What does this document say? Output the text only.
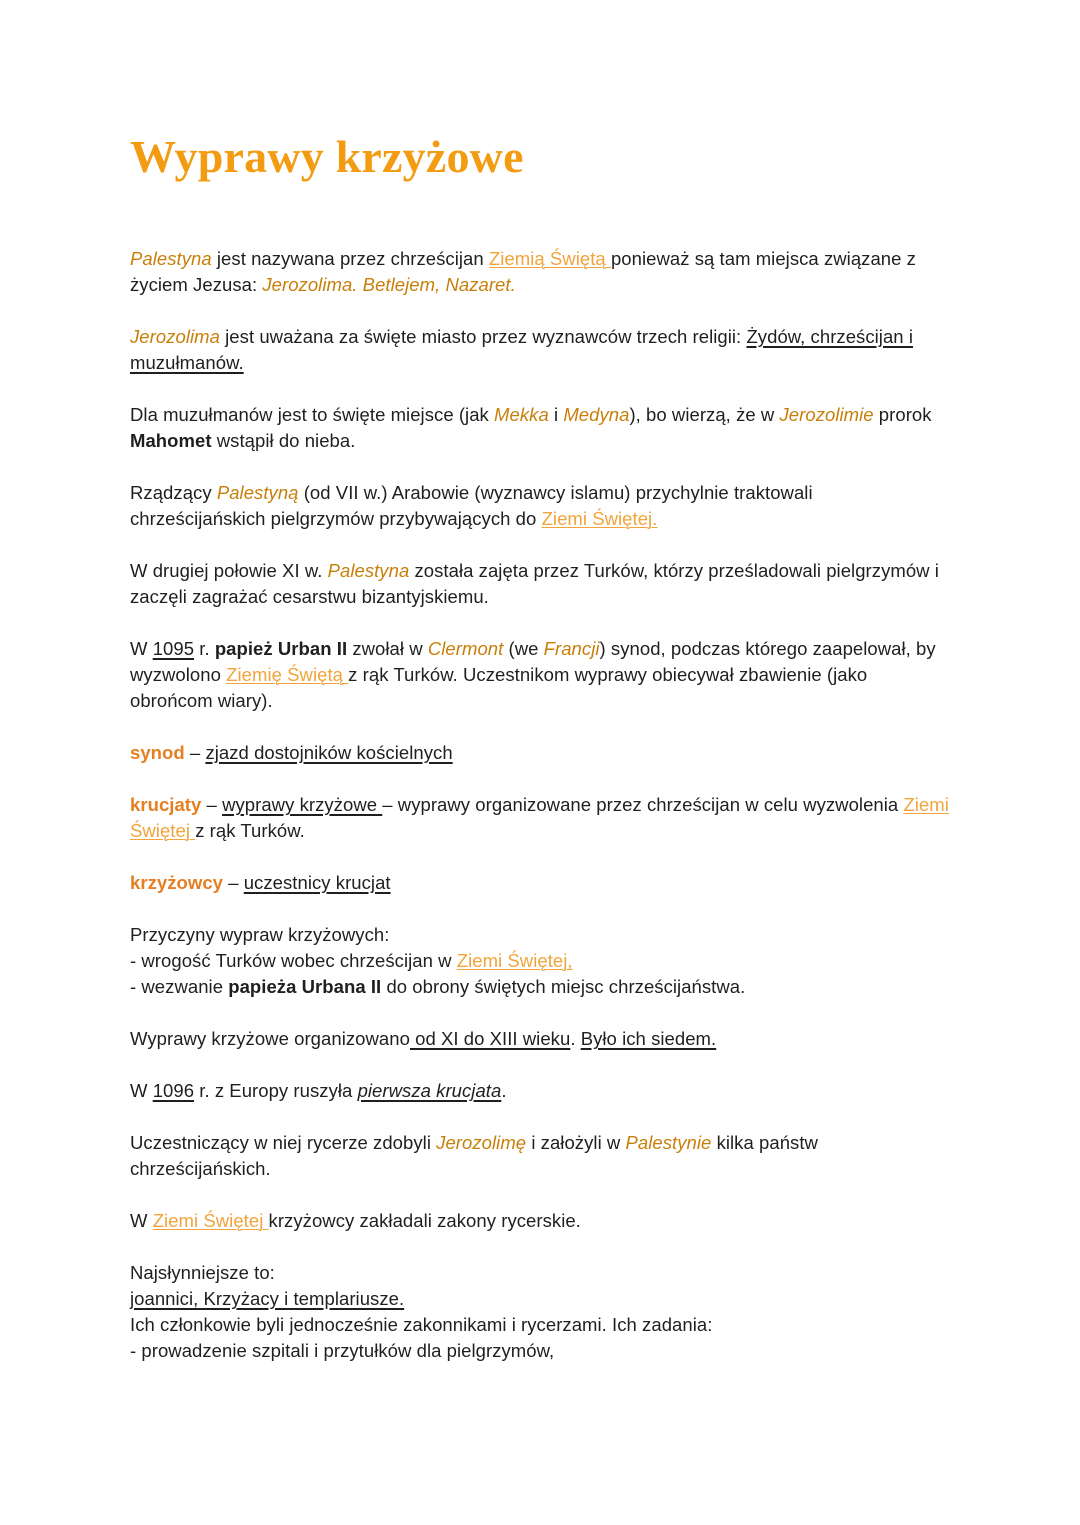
Wyprawy krzyżowe

Palestyna jest nazywana przez chrześcijan Ziemią Świętą ponieważ są tam miejsca związane z życiem Jezusa: Jerozolima. Betlejem, Nazaret.

Jerozolima jest uważana za święte miasto przez wyznawców trzech religii: Żydów, chrześcijan i muzułmanów.

Dla muzułmanów jest to święte miejsce (jak Mekka i Medyna), bo wierzą, że w Jerozolimie prorok Mahomet wstąpił do nieba.

Rządzący Palestyną (od VII w.) Arabowie (wyznawcy islamu) przychylnie traktowali chrześcijańskich pielgrzymów przybywających do Ziemi Świętej.

W drugiej połowie XI w. Palestyna została zajęta przez Turków, którzy prześladowali pielgrzymów i zaczęli zagrażać cesarstwu bizantyjskiemu.

W 1095 r. papież Urban II zwołał w Clermont (we Francji) synod, podczas którego zaapelował, by wyzwolono Ziemię Świętą z rąk Turków. Uczestnikom wyprawy obiecywał zbawienie (jako obrońcom wiary).

synod – zjazd dostojników kościelnych

krucjaty – wyprawy krzyżowe – wyprawy organizowane przez chrześcijan w celu wyzwolenia Ziemi Świętej z rąk Turków.

krzyżowcy – uczestnicy krucjat

Przyczyny wypraw krzyżowych:
- wrogość Turków wobec chrześcijan w Ziemi Świętej,
- wezwanie papieża Urbana II do obrony świętych miejsc chrześcijaństwa.

Wyprawy krzyżowe organizowano od XI do XIII wieku. Było ich siedem.

W 1096 r. z Europy ruszyła pierwsza krucjata.

Uczestniczący w niej rycerze zdobyli Jerozolimę i założyli w Palestynie kilka państw chrześcijańskich.

W Ziemi Świętej krzyżowcy zakładali zakony rycerskie.

Najsłynniejsze to:
joannici, Krzyżacy i templariusze.
Ich członkowie byli jednocześnie zakonnikami i rycerzami. Ich zadania:
- prowadzenie szpitali i przytułków dla pielgrzymów,
